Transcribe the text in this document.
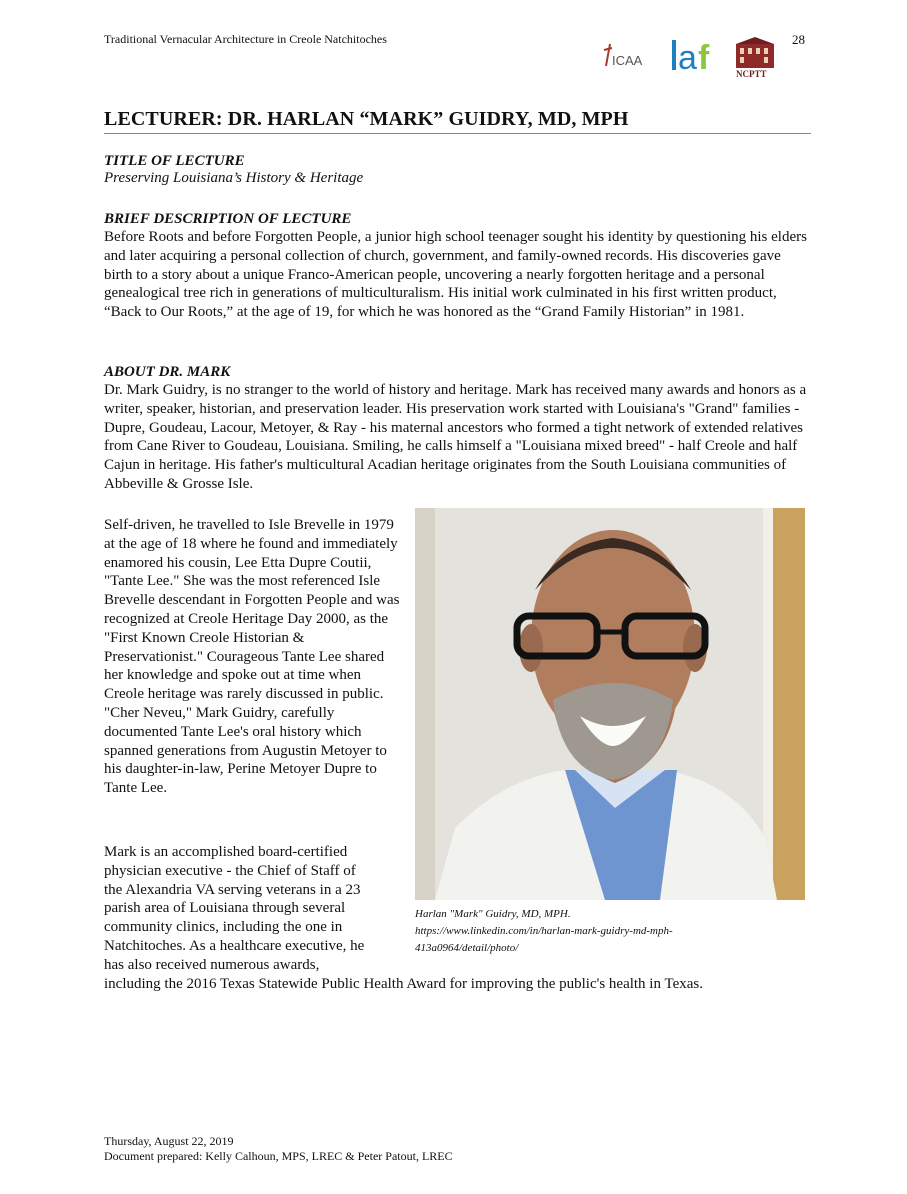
Traditional Vernacular Architecture in Creole Natchitoches	28
ICAA a f	NCPTT
LECTURER: DR. HARLAN “MARK” GUIDRY, MD, MPH
TITLE OF LECTURE
Preserving Louisiana’s History & Heritage
BRIEF DESCRIPTION OF LECTURE

Before Roots and before Forgotten People, a junior high school teenager sought his identity by questioning his elders and later acquiring a personal collection of church, government, and family-owned records. His discoveries gave birth to a story about a unique Franco-American people, uncovering a nearly forgotten heritage and a personal genealogical tree rich in generations of multiculturalism. His initial work culminated in his first written product, “Back to Our Roots,” at the age of 19, for which he was honored as the “Grand Family Historian” in 1981.

ABOUT DR. MARK

Dr. Mark Guidry, is no stranger to the world of history and heritage. Mark has received many awards and honors as a writer, speaker, historian, and preservation leader. His preservation work started with Louisiana's "Grand" families - Dupre, Goudeau, Lacour, Metoyer, & Ray - his maternal ancestors who formed a tight network of extended relatives from Cane River to Goudeau, Louisiana. Smiling, he calls himself a "Louisiana mixed breed" - half Creole and half Cajun in heritage. His father's multicultural Acadian heritage originates from the South Louisiana communities of Abbeville & Grosse Isle.

Self-driven, he travelled to Isle Brevelle in 1979 at the age of 18 where he found and immediately enamored his cousin, Lee Etta Dupre Coutii, "Tante Lee." She was the most referenced Isle Brevelle descendant in Forgotten People and was recognized at Creole Heritage Day 2000, as the "First Known Creole Historian & Preservationist." Courageous Tante Lee shared her knowledge and spoke out at time when Creole heritage was rarely discussed in public. "Cher Neveu," Mark Guidry, carefully documented Tante Lee's oral history which spanned generations from Augustin Metoyer to his daughter-in-law, Perine Metoyer Dupre to Tante Lee.

Mark is an accomplished board-certified
physician executive - the Chief of Staff of
the Alexandria VA serving veterans in a 23
parish area of Louisiana through several
community clinics, including the one in
Natchitoches. As a healthcare executive, he
has also received numerous awards,
including the 2016 Texas Statewide Public Health Award for improving the public's health in Texas.
Harlan "Mark" Guidry, MD, MPH.
https://www.linkedin.com/in/harlan-mark-guidry-md-mph-413a0964/detail/photo/
Thursday, August 22, 2019
Document prepared: Kelly Calhoun, MPS, LREC & Peter Patout, LREC
